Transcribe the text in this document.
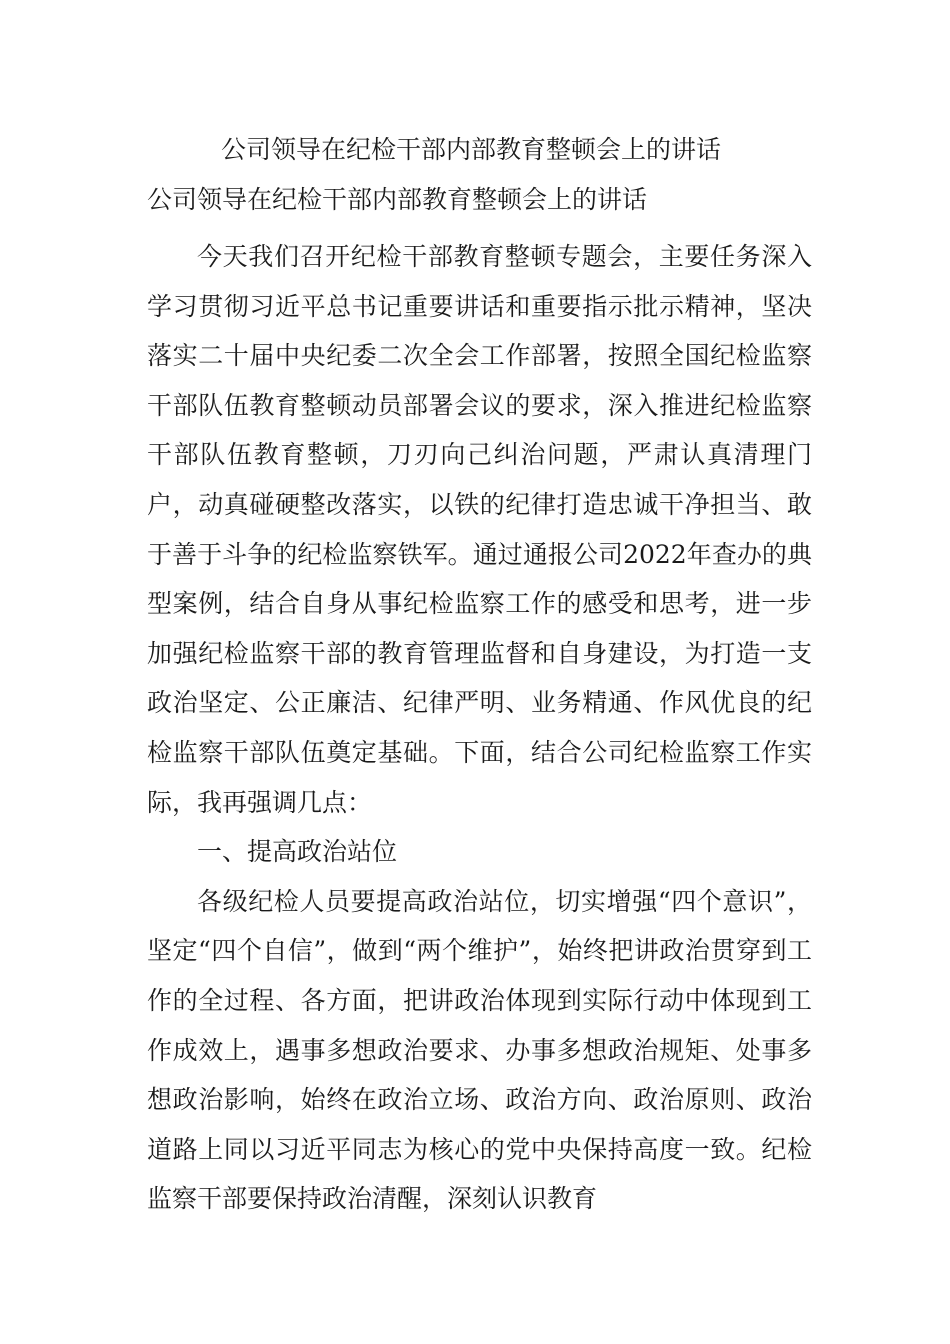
公司领导在纪检干部内部教育整顿会上的讲话
公司领导在纪检干部内部教育整顿会上的讲话

今天我们召开纪检干部教育整顿专题会，主要任务深入学习贯彻习近平总书记重要讲话和重要指示批示精神，坚决落实二十届中央纪委二次全会工作部署，按照全国纪检监察干部队伍教育整顿动员部署会议的要求，深入推进纪检监察干部队伍教育整顿，刀刃向己纠治问题，严肃认真清理门户，动真碰硬整改落实，以铁的纪律打造忠诚干净担当、敢于善于斗争的纪检监察铁军。通过通报公司2022年查办的典型案例，结合自身从事纪检监察工作的感受和思考，进一步加强纪检监察干部的教育管理监督和自身建设，为打造一支政治坚定、公正廉洁、纪律严明、业务精通、作风优良的纪检监察干部队伍奠定基础。下面，结合公司纪检监察工作实际，我再强调几点：

一、提高政治站位

各级纪检人员要提高政治站位，切实增强“四个意识”，坚定“四个自信”，做到“两个维护”，始终把讲政治贯穿到工作的全过程、各方面，把讲政治体现到实际行动中体现到工作成效上，遇事多想政治要求、办事多想政治规矩、处事多想政治影响，始终在政治立场、政治方向、政治原则、政治道路上同以习近平同志为核心的党中央保持高度一致。纪检监察干部要保持政治清醒，深刻认识教育
